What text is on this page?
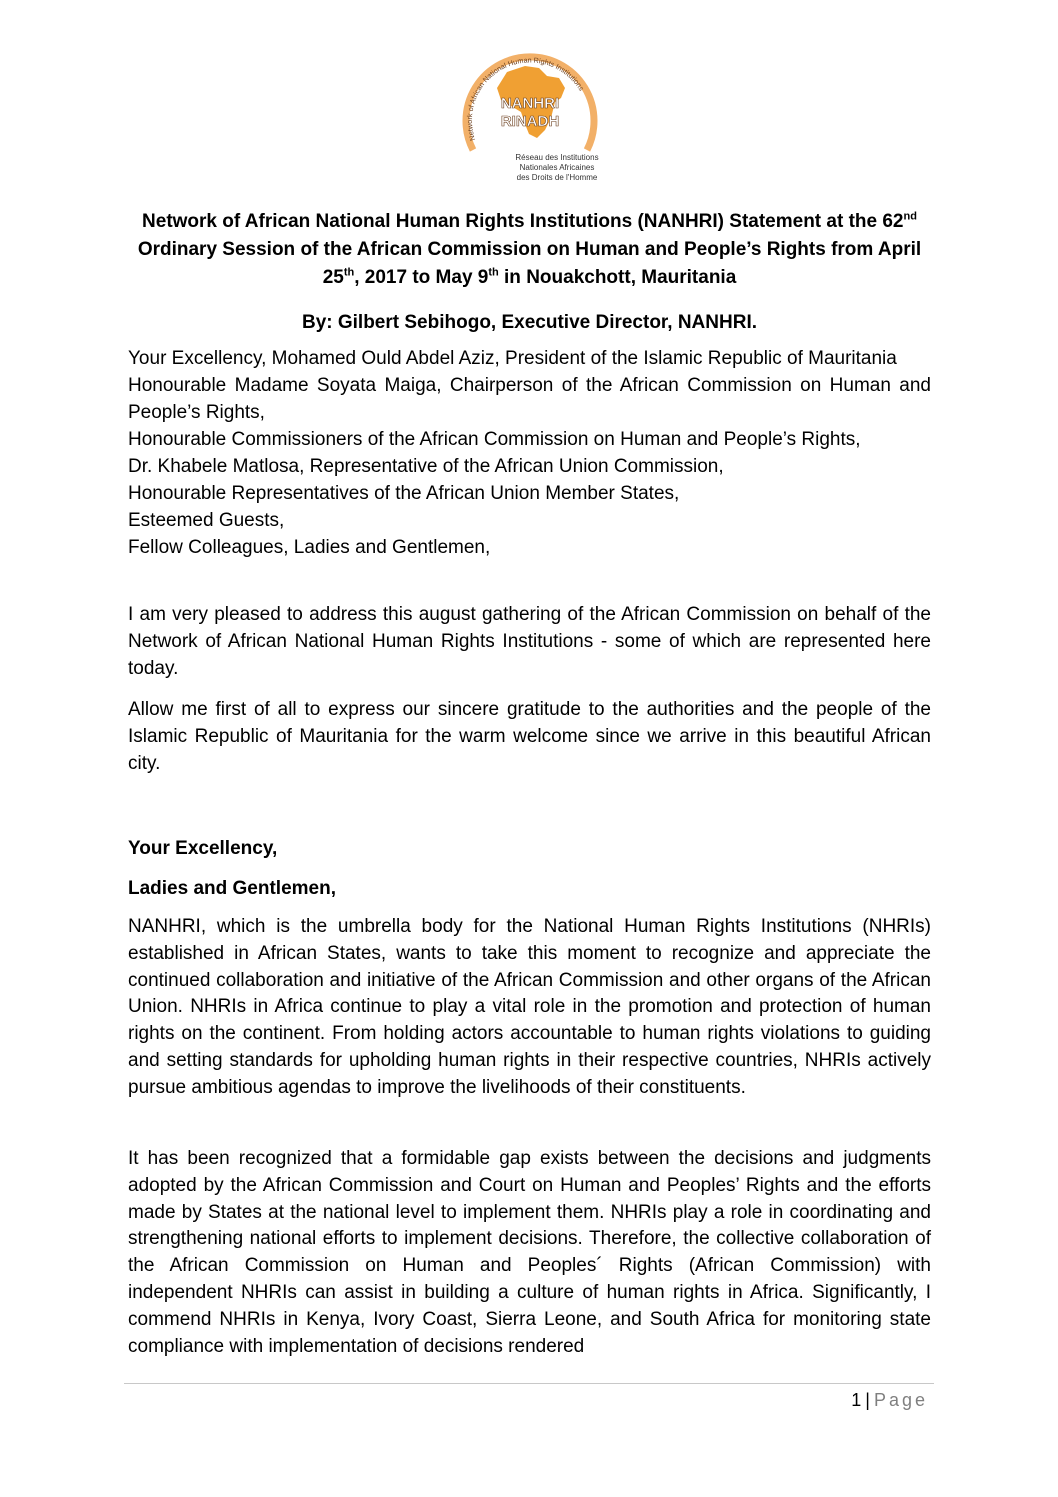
Network of African National Human Rights Institutions
NANHRI
RINADH
Réseau des Institutions
Nationales Africaines
des Droits de l'Homme
Network of African National Human Rights Institutions (NANHRI) Statement at the 62nd Ordinary Session of the African Commission on Human and People’s Rights from April 25th, 2017 to May 9th in Nouakchott, Mauritania
By: Gilbert Sebihogo, Executive Director, NANHRI.
Your Excellency, Mohamed Ould Abdel Aziz, President of the Islamic Republic of Mauritania
Honourable Madame Soyata Maiga, Chairperson of the African Commission on Human and People’s Rights,
Honourable Commissioners of the African Commission on Human and People’s Rights,
Dr. Khabele Matlosa, Representative of the African Union Commission,
Honourable Representatives of the African Union Member States,
Esteemed Guests,
Fellow Colleagues, Ladies and Gentlemen,
I am very pleased to address this august gathering of the African Commission on behalf of the Network of African National Human Rights Institutions - some of which are represented here today.
Allow me first of all to express our sincere gratitude to the authorities and the people of the Islamic Republic of Mauritania for the warm welcome since we arrive in this beautiful African city.
Your Excellency,
Ladies and Gentlemen,
NANHRI, which is the umbrella body for the National Human Rights Institutions (NHRIs) established in African States, wants to take this moment to recognize and appreciate the continued collaboration and initiative of the African Commission and other organs of the African Union. NHRIs in Africa continue to play a vital role in the promotion and protection of human rights on the continent. From holding actors accountable to human rights violations to guiding and setting standards for upholding human rights in their respective countries, NHRIs actively pursue ambitious agendas to improve the livelihoods of their constituents.
It has been recognized that a formidable gap exists between the decisions and judgments adopted by the African Commission and Court on Human and Peoples’ Rights and the efforts made by States at the national level to implement them. NHRIs play a role in coordinating and strengthening national efforts to implement decisions. Therefore, the collective collaboration of the African Commission on Human and Peoples´ Rights (African Commission) with independent NHRIs can assist in building a culture of human rights in Africa. Significantly, I commend NHRIs in Kenya, Ivory Coast, Sierra Leone, and South Africa for monitoring state compliance with implementation of decisions rendered
1 | Page
